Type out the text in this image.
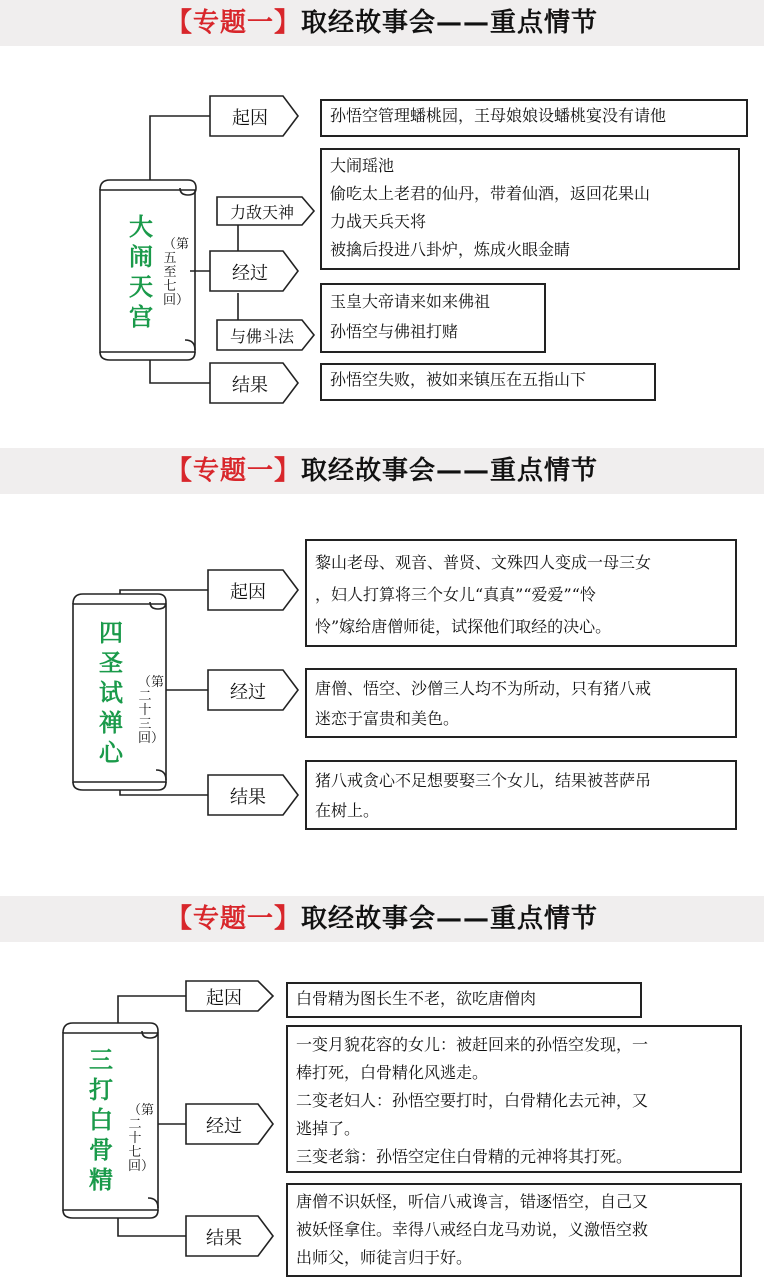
【专题一】取经故事会——重点情节
大闹天宫
（第五至七回）
起因
经过
结果
力敌天神
与佛斗法
孙悟空管理蟠桃园，王母娘娘设蟠桃宴没有请他
大闹瑶池
偷吃太上老君的仙丹，带着仙酒，返回花果山
力战天兵天将
被擒后投进八卦炉，炼成火眼金睛
玉皇大帝请来如来佛祖
孙悟空与佛祖打赌
孙悟空失败，被如来镇压在五指山下
【专题一】取经故事会——重点情节
四圣试禅心
（第二十三回）
起因
经过
结果
黎山老母、观音、普贤、文殊四人变成一母三女
，妇人打算将三个女儿“真真”“爱爱”“怜
怜”嫁给唐僧师徒，试探他们取经的决心。
唐僧、悟空、沙僧三人均不为所动，只有猪八戒
迷恋于富贵和美色。
猪八戒贪心不足想要娶三个女儿，结果被菩萨吊
在树上。
【专题一】取经故事会——重点情节
三打白骨精
（第二十七回）
起因
经过
结果
白骨精为图长生不老，欲吃唐僧肉
一变月貌花容的女儿：被赶回来的孙悟空发现，一
棒打死，白骨精化风逃走。
二变老妇人：孙悟空要打时，白骨精化去元神，又
逃掉了。
三变老翁：孙悟空定住白骨精的元神将其打死。
唐僧不识妖怪，听信八戒谗言，错逐悟空，自己又
被妖怪拿住。幸得八戒经白龙马劝说，义激悟空救
出师父，师徒言归于好。
